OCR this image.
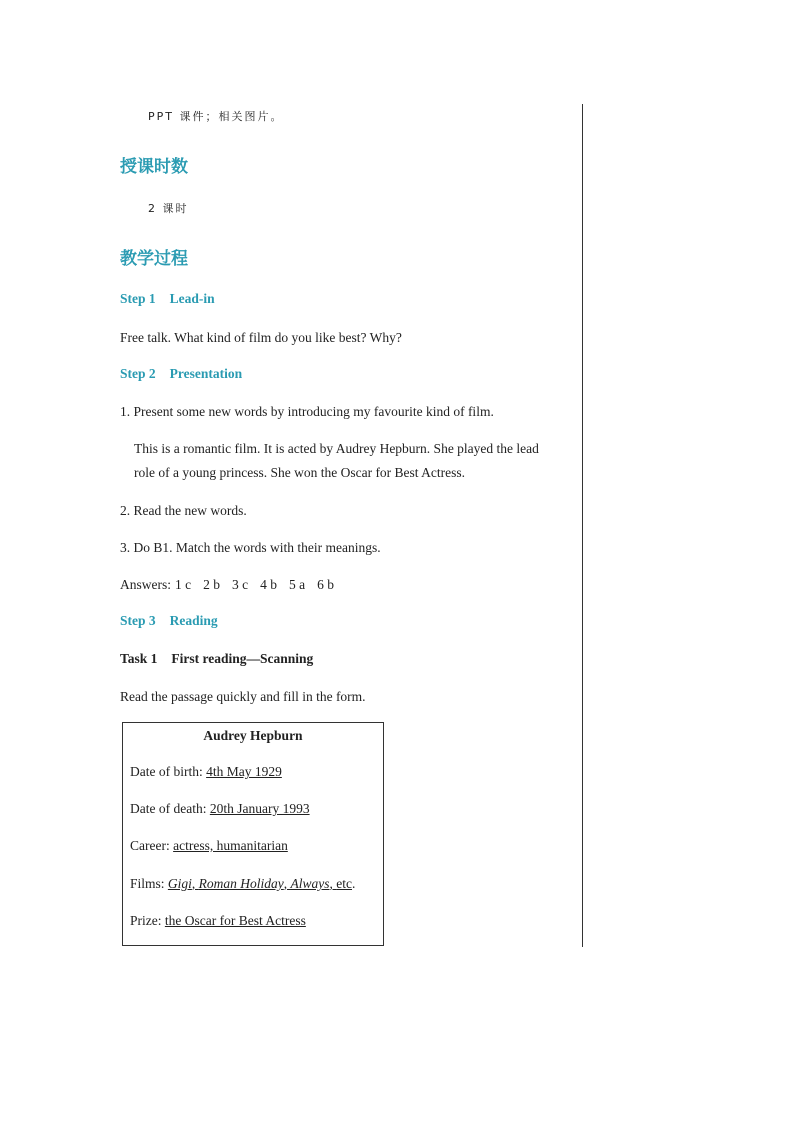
PPT 课件；相关图片。
授课时数
2 课时
教学过程
Step 1 Lead-in
Free talk. What kind of film do you like best? Why?
Step 2 Presentation
1. Present some new words by introducing my favourite kind of film.
This is a romantic film. It is acted by Audrey Hepburn. She played the lead
role of a young princess. She won the Oscar for Best Actress.
2. Read the new words.
3. Do B1. Match the words with their meanings.
Answers: 1 c 2 b 3 c 4 b 5 a 6 b
Step 3 Reading
Task 1 First reading—Scanning
Read the passage quickly and fill in the form.
Audrey Hepburn
Date of birth: 4th May 1929
Date of death: 20th January 1993
Career: actress, humanitarian
Films: Gigi, Roman Holiday, Always, etc.
Prize: the Oscar for Best Actress
